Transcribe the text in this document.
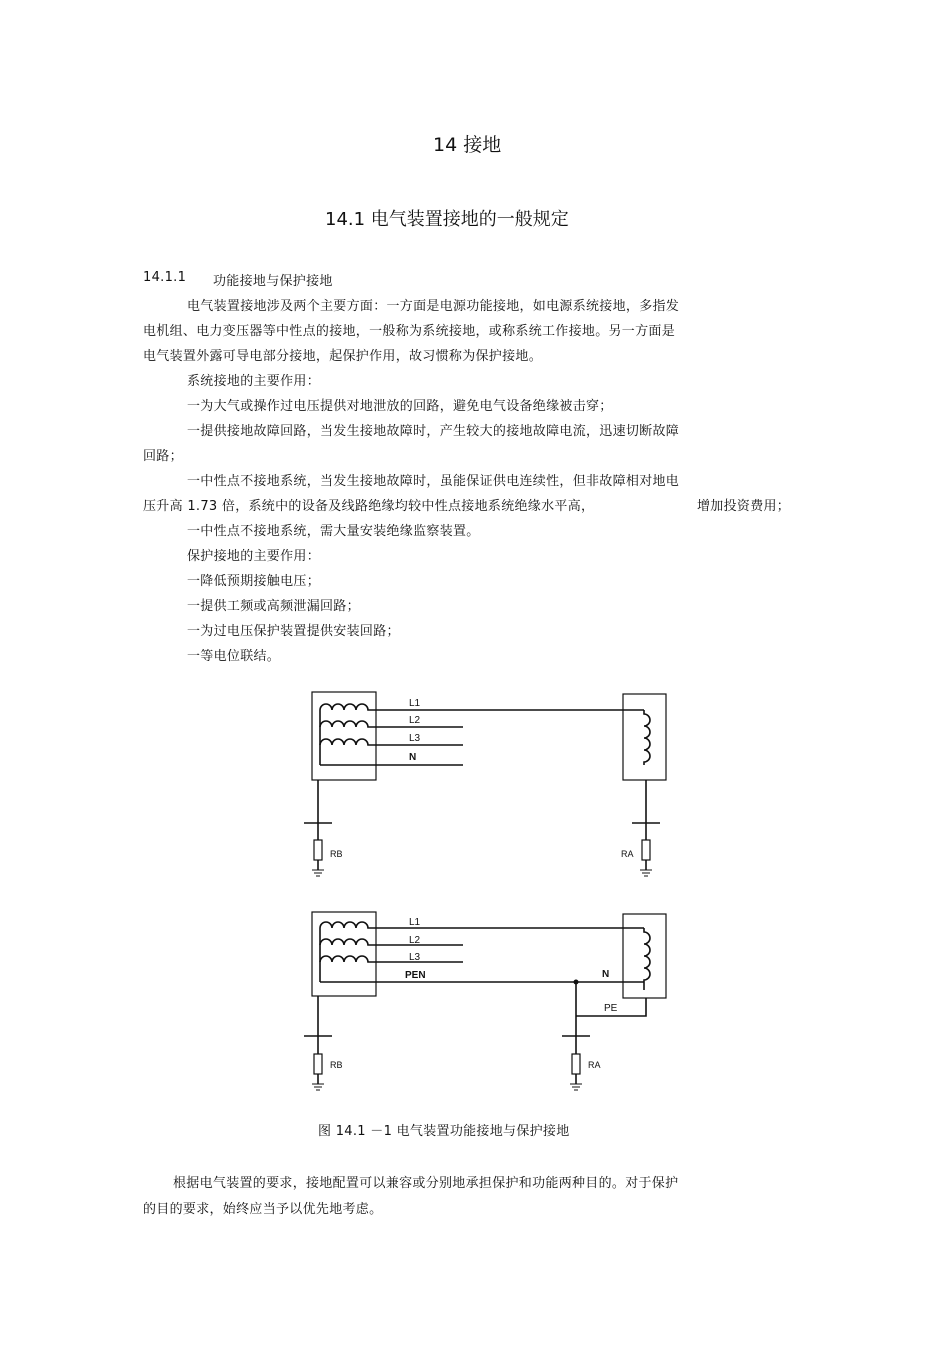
14 接地
14.1 电气装置接地的一般规定
14.1.1 功能接地与保护接地
电气装置接地涉及两个主要方面：一方面是电源功能接地，如电源系统接地，多指发
电机组、电力变压器等中性点的接地，一般称为系统接地，或称系统工作接地。另一方面是
电气装置外露可导电部分接地，起保护作用，故习惯称为保护接地。
系统接地的主要作用：
一为大气或操作过电压提供对地泄放的回路，避免电气设备绝缘被击穿；
一提供接地故障回路，当发生接地故障时，产生较大的接地故障电流，迅速切断故障
回路；
一中性点不接地系统，当发生接地故障时，虽能保证供电连续性，但非故障相对地电
压升高 1.73 倍，系统中的设备及线路绝缘均较中性点接地系统绝缘水平高，	增加投资费用；
一中性点不接地系统，需大量安装绝缘监察装置。
保护接地的主要作用：
一降低预期接触电压；
一提供工频或高频泄漏回路；
一为过电压保护装置提供安装回路；
一等电位联结。
L1
L2
L3
N
RB	RA
L1
L2
L3
PEN	N
PE
RB	RA
图 14.1 －1 电气装置功能接地与保护接地
根据电气装置的要求，接地配置可以兼容或分别地承担保护和功能两种目的。对于保护
的目的要求，始终应当予以优先地考虑。
